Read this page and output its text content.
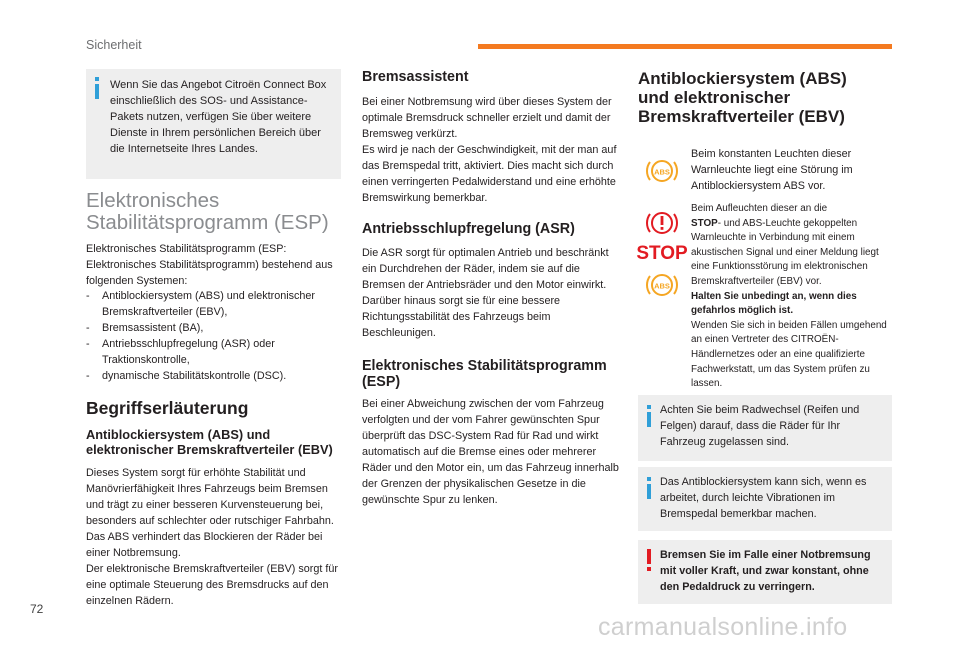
Sicherheit
Wenn Sie das Angebot Citroën Connect Box einschließlich des SOS- und Assistance-Pakets nutzen, verfügen Sie über weitere Dienste in Ihrem persönlichen Bereich über die Internetseite Ihres Landes.
Elektronisches Stabilitätsprogramm (ESP)
Elektronisches Stabilitätsprogramm (ESP: Elektronisches Stabilitätsprogramm) bestehend aus folgenden Systemen:
- Antiblockiersystem (ABS) und elektronischer Bremskraftverteiler (EBV),
- Bremsassistent (BA),
- Antriebsschlupfregelung (ASR) oder Traktionskontrolle,
- dynamische Stabilitätskontrolle (DSC).
Begriffserläuterung
Antiblockiersystem (ABS) und elektronischer Bremskraftverteiler (EBV)

Dieses System sorgt für erhöhte Stabilität und Manövrierfähigkeit Ihres Fahrzeugs beim Bremsen und trägt zu einer besseren Kurvensteuerung bei, besonders auf schlechter oder rutschiger Fahrbahn.

Das ABS verhindert das Blockieren der Räder bei einer Notbremsung.

Der elektronische Bremskraftverteiler (EBV) sorgt für eine optimale Steuerung des Bremsdrucks auf den einzelnen Rädern.

Bremsassistent

Bei einer Notbremsung wird über dieses System der optimale Bremsdruck schneller erzielt und damit der Bremsweg verkürzt.

Es wird je nach der Geschwindigkeit, mit der man auf das Bremspedal tritt, aktiviert. Dies macht sich durch einen verringerten Pedalwiderstand und eine erhöhte Bremswirkung bemerkbar.

Antriebsschlupfregelung (ASR)
Die ASR sorgt für optimalen Antrieb und beschränkt ein Durchdrehen der Räder, indem sie auf die Bremsen der Antriebsräder und den Motor einwirkt. Darüber hinaus sorgt sie für eine bessere Richtungsstabilität des Fahrzeugs beim Beschleunigen.
Elektronisches Stabilitätsprogramm (ESP)
Bei einer Abweichung zwischen der vom Fahrzeug verfolgten und der vom Fahrer gewünschten Spur überprüft das DSC-System Rad für Rad und wirkt automatisch auf die Bremse eines oder mehrerer Räder und den Motor ein, um das Fahrzeug innerhalb der Grenzen der physikalischen Gesetze in die gewünschte Spur zu lenken.
Antiblockiersystem (ABS) und elektronischer Bremskraftverteiler (EBV)
ABS
Beim konstanten Leuchten dieser Warnleuchte liegt eine Störung im Antiblockiersystem ABS vor.
STOP
ABS
Beim Aufleuchten dieser an die
STOP- und ABS-Leuchte gekoppelten Warnleuchte in Verbindung mit einem akustischen Signal und einer Meldung liegt eine Funktionsstörung im elektronischen Bremskraftverteiler (EBV) vor.
Halten Sie unbedingt an, wenn dies gefahrlos möglich ist.
Wenden Sie sich in beiden Fällen umgehend an einen Vertreter des CITROËN-Händlernetzes oder an eine qualifizierte Fachwerkstatt, um das System prüfen zu lassen.
Achten Sie beim Radwechsel (Reifen und Felgen) darauf, dass die Räder für Ihr Fahrzeug zugelassen sind.
Das Antiblockiersystem kann sich, wenn es arbeitet, durch leichte Vibrationen im Bremspedal bemerkbar machen.
Bremsen Sie im Falle einer Notbremsung mit voller Kraft, und zwar konstant, ohne den Pedaldruck zu verringern.
72
carmanualsonline.info
